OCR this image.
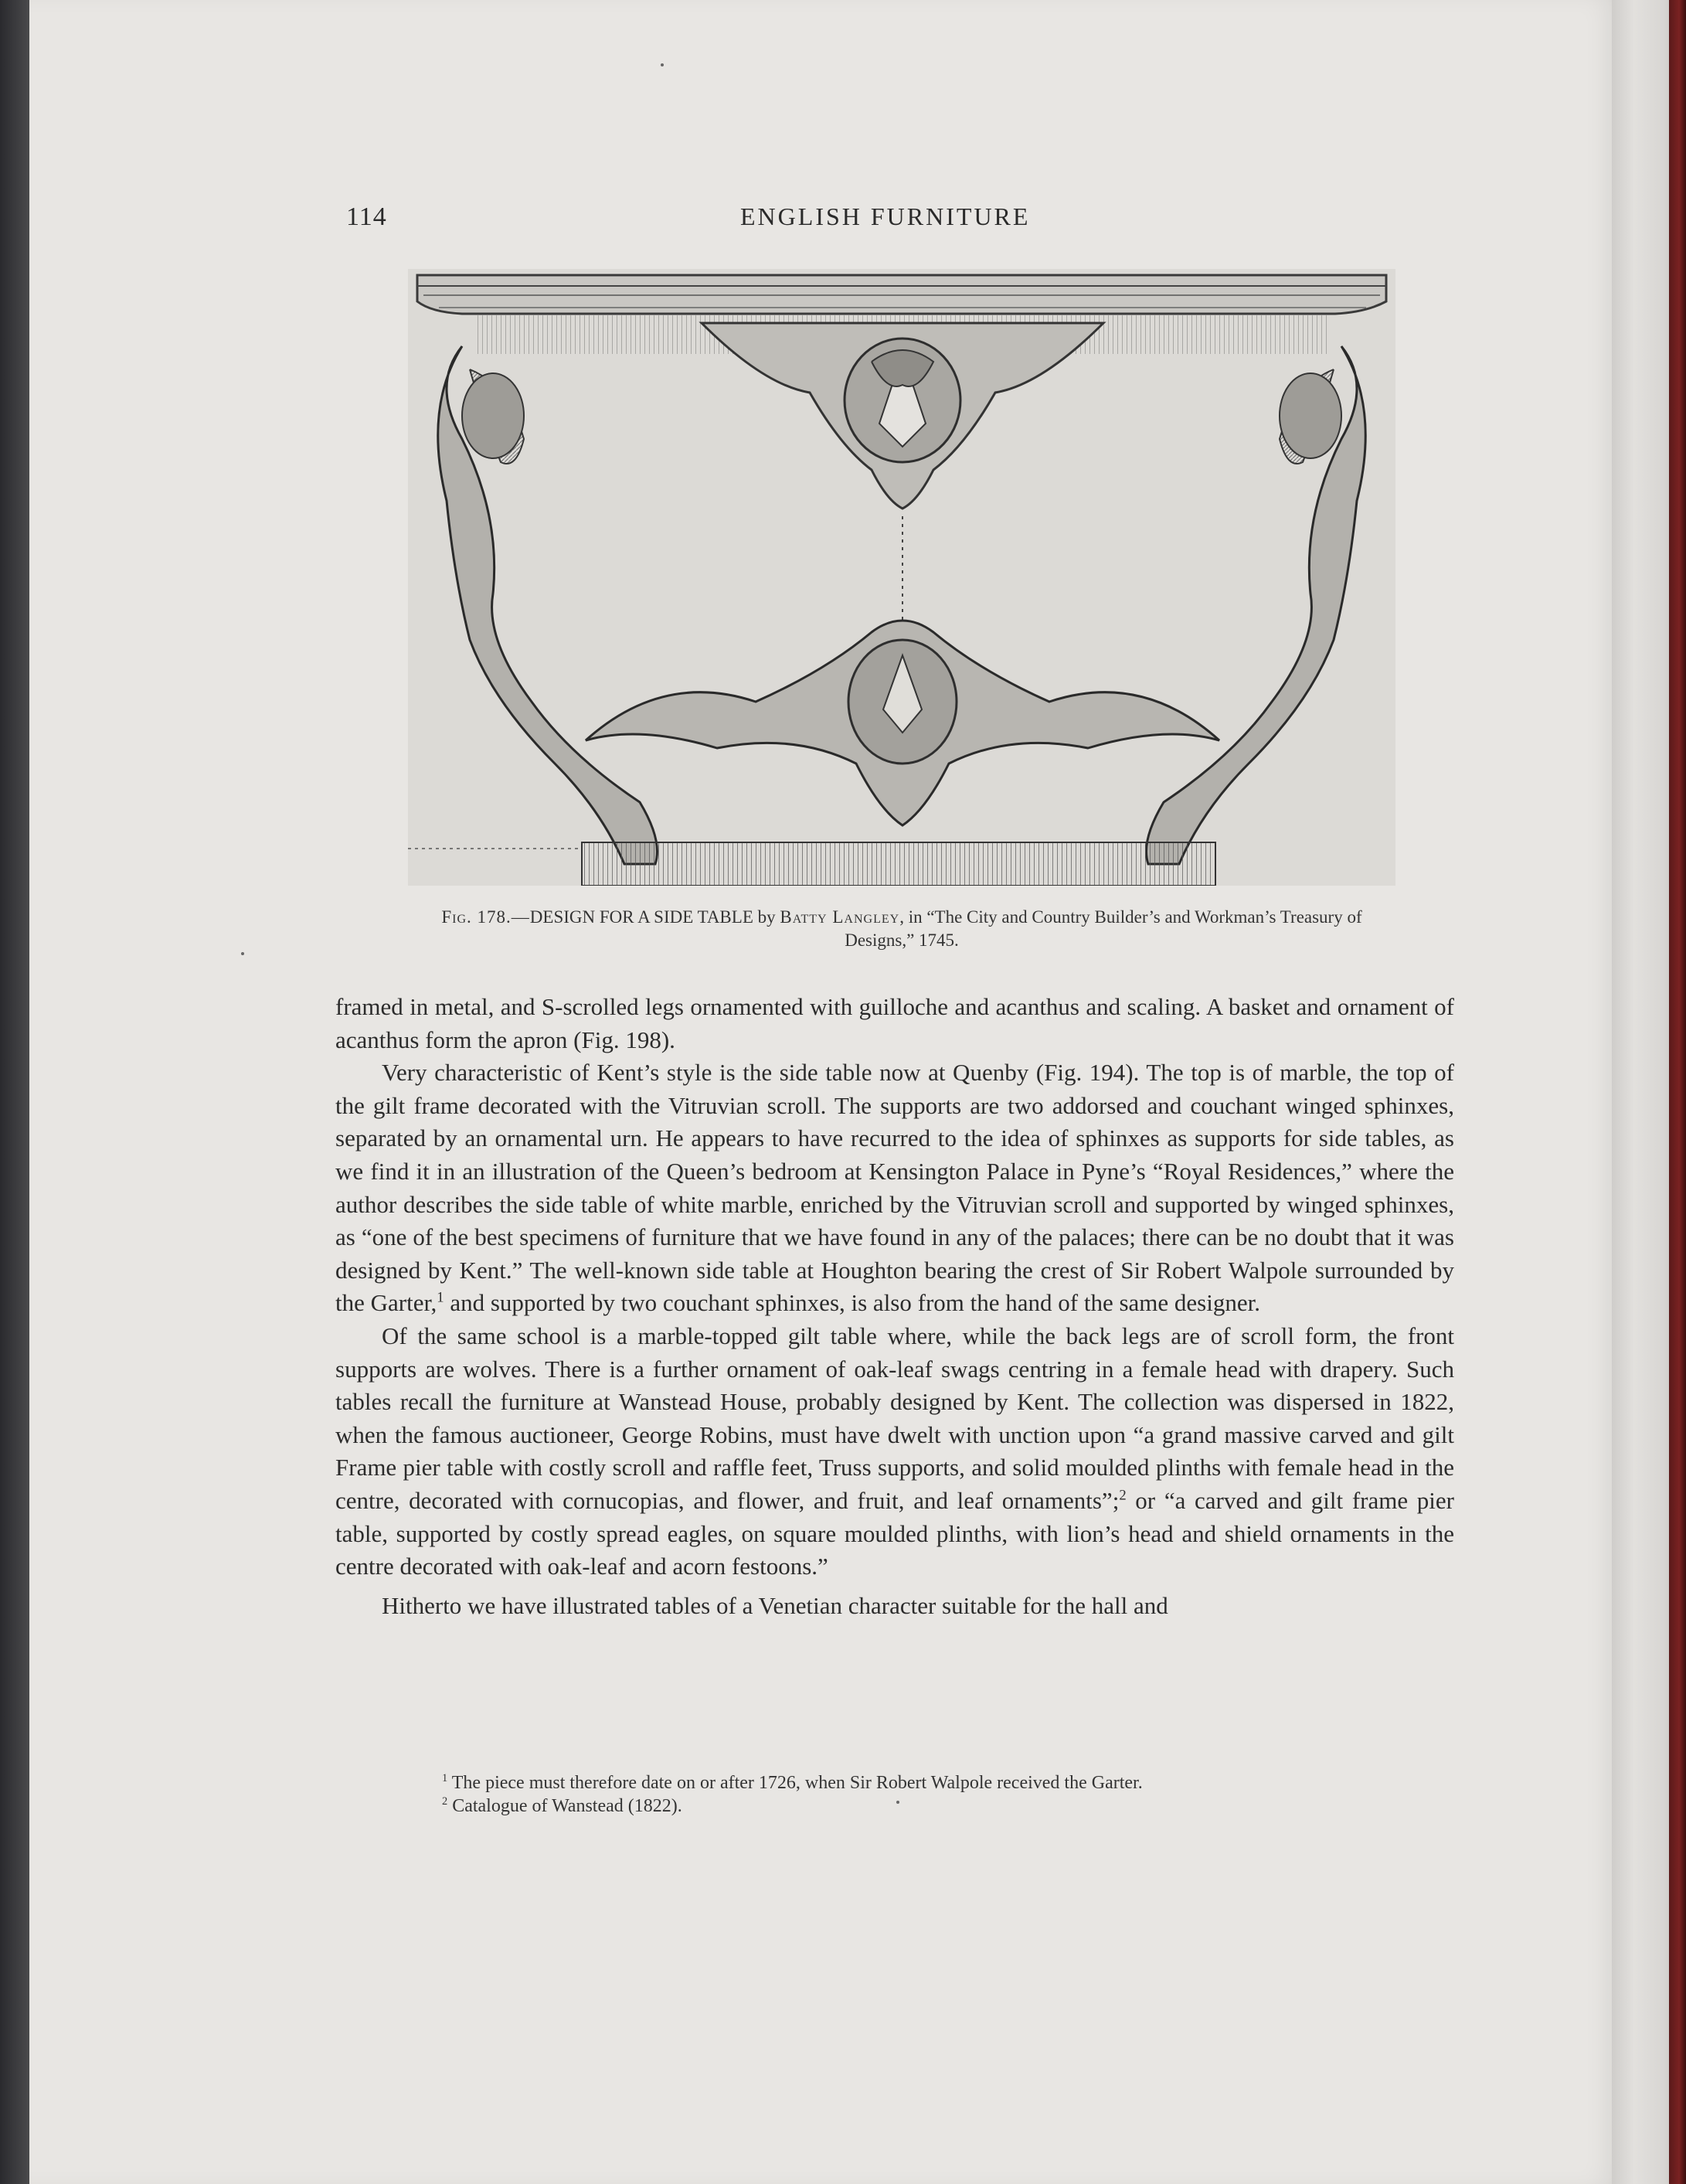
114	ENGLISH FURNITURE
Fig. 178.—DESIGN FOR A SIDE TABLE by Batty Langley, in “The City and Country Builder’s and Workman’s Treasury of Designs,” 1745.

framed in metal, and S-scrolled legs ornamented with guilloche and acanthus and scaling. A basket and ornament of acanthus form the apron (Fig. 198).

Very characteristic of Kent’s style is the side table now at Quenby (Fig. 194). The top is of marble, the top of the gilt frame decorated with the Vitruvian scroll. The supports are two addorsed and couchant winged sphinxes, separated by an ornamental urn. He appears to have recurred to the idea of sphinxes as supports for side tables, as we find it in an illustration of the Queen’s bedroom at Kensington Palace in Pyne’s “Royal Residences,” where the author describes the side table of white marble, enriched by the Vitruvian scroll and supported by winged sphinxes, as “one of the best specimens of furniture that we have found in any of the palaces; there can be no doubt that it was designed by Kent.” The well-known side table at Houghton bearing the crest of Sir Robert Walpole surrounded by the Garter,$^1$ and supported by two couchant sphinxes, is also from the hand of the same designer.

Of the same school is a marble-topped gilt table where, while the back legs are of scroll form, the front supports are wolves. There is a further ornament of oak-leaf swags centring in a female head with drapery. Such tables recall the furniture at Wanstead House, probably designed by Kent. The collection was dispersed in 1822, when the famous auctioneer, George Robins, must have dwelt with unction upon “a grand massive carved and gilt Frame pier table with costly scroll and raffle feet, Truss supports, and solid moulded plinths with female head in the centre, decorated with cornucopias, and flower, and fruit, and leaf ornaments”;$^2$ or “a carved and gilt frame pier table, supported by costly spread eagles, on square moulded plinths, with lion’s head and shield ornaments in the centre decorated with oak-leaf and acorn festoons.”

Hitherto we have illustrated tables of a Venetian character suitable for the hall and

$^1$ The piece must therefore date on or after 1726, when Sir Robert Walpole received the Garter.

$^2$ Catalogue of Wanstead (1822).
